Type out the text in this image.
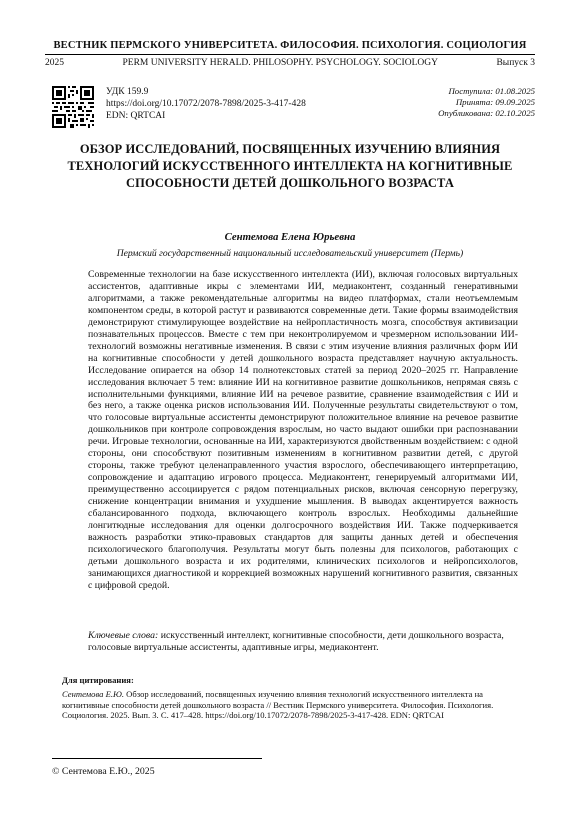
ВЕСТНИК ПЕРМСКОГО УНИВЕРСИТЕТА. ФИЛОСОФИЯ. ПСИХОЛОГИЯ. СОЦИОЛОГИЯ
2025	PERM UNIVERSITY HERALD. PHILOSOPHY. PSYCHOLOGY. SOCIOLOGY	Выпуск 3
УДК 159.9
https://doi.org/10.17072/2078-7898/2025-3-417-428
EDN: QRTCAI
Поступила: 01.08.2025
Принята: 09.09.2025
Опубликована: 02.10.2025
ОБЗОР ИССЛЕДОВАНИЙ, ПОСВЯЩЕННЫХ ИЗУЧЕНИЮ ВЛИЯНИЯ ТЕХНОЛОГИЙ ИСКУССТВЕННОГО ИНТЕЛЛЕКТА НА КОГНИТИВНЫЕ СПОСОБНОСТИ ДЕТЕЙ ДОШКОЛЬНОГО ВОЗРАСТА
Сентемова Елена Юрьевна
Пермский государственный национальный исследовательский университет (Пермь)

Современные технологии на базе искусственного интеллекта (ИИ), включая голосовых виртуальных ассистентов, адаптивные икры с элементами ИИ, медиаконтент, созданный генеративными алгоритмами, а также рекомендательные алгоритмы на видео платформах, стали неотъемлемым компонентом среды, в которой растут и развиваются современные дети. Такие формы взаимодействия демонстрируют стимулирующее воздействие на нейропластичность мозга, способствуя активизации познавательных процессов. Вместе с тем при неконтролируемом и чрезмерном использовании ИИ-технологий возможны негативные изменения. В связи с этим изучение влияния различных форм ИИ на когнитивные способности у детей дошкольного возраста представляет научную актуальность. Исследование опирается на обзор 14 полнотекстовых статей за период 2020–2025 гг. Направление исследования включает 5 тем: влияние ИИ на когнитивное развитие дошкольников, непрямая связь с исполнительными функциями, влияние ИИ на речевое развитие, сравнение взаимодействия с ИИ и без него, а также оценка рисков использования ИИ. Полученные результаты свидетельствуют о том, что голосовые виртуальные ассистенты демонстрируют положительное влияние на речевое развитие дошкольников при контроле сопровождения взрослым, но часто выдают ошибки при распознавании речи. Игровые технологии, основанные на ИИ, характеризуются двойственным воздействием: с одной стороны, они способствуют позитивным изменениям в когнитивном развитии детей, с другой стороны, также требуют целенаправленного участия взрослого, обеспечивающего интерпретацию, сопровождение и адаптацию игрового процесса. Медиаконтент, генерируемый алгоритмами ИИ, преимущественно ассоциируется с рядом потенциальных рисков, включая сенсорную перегрузку, снижение концентрации внимания и ухудшение мышления. В выводах акцентируется важность сбалансированного подхода, включающего контроль взрослых. Необходимы дальнейшие лонгитюдные исследования для оценки долгосрочного воздействия ИИ. Также подчеркивается важность разработки этико-правовых стандартов для защиты данных детей и обеспечения психологического благополучия. Результаты могут быть полезны для психологов, работающих с детьми дошкольного возраста и их родителями, клинических психологов и нейропсихологов, занимающихся диагностикой и коррекцией возможных нарушений когнитивного развития, связанных с цифровой средой.

Ключевые слова: искусственный интеллект, когнитивные способности, дети дошкольного возраста, голосовые виртуальные ассистенты, адаптивные игры, медиаконтент.

Для цитирования:

Сентемова Е.Ю. Обзор исследований, посвященных изучению влияния технологий искусственного интеллекта на когнитивные способности детей дошкольного возраста // Вестник Пермского университета. Философия. Психология. Социология. 2025. Вып. 3. С. 417–428. https://doi.org/10.17072/2078-7898/2025-3-417-428. EDN: QRTCAI

© Сентемова Е.Ю., 2025
